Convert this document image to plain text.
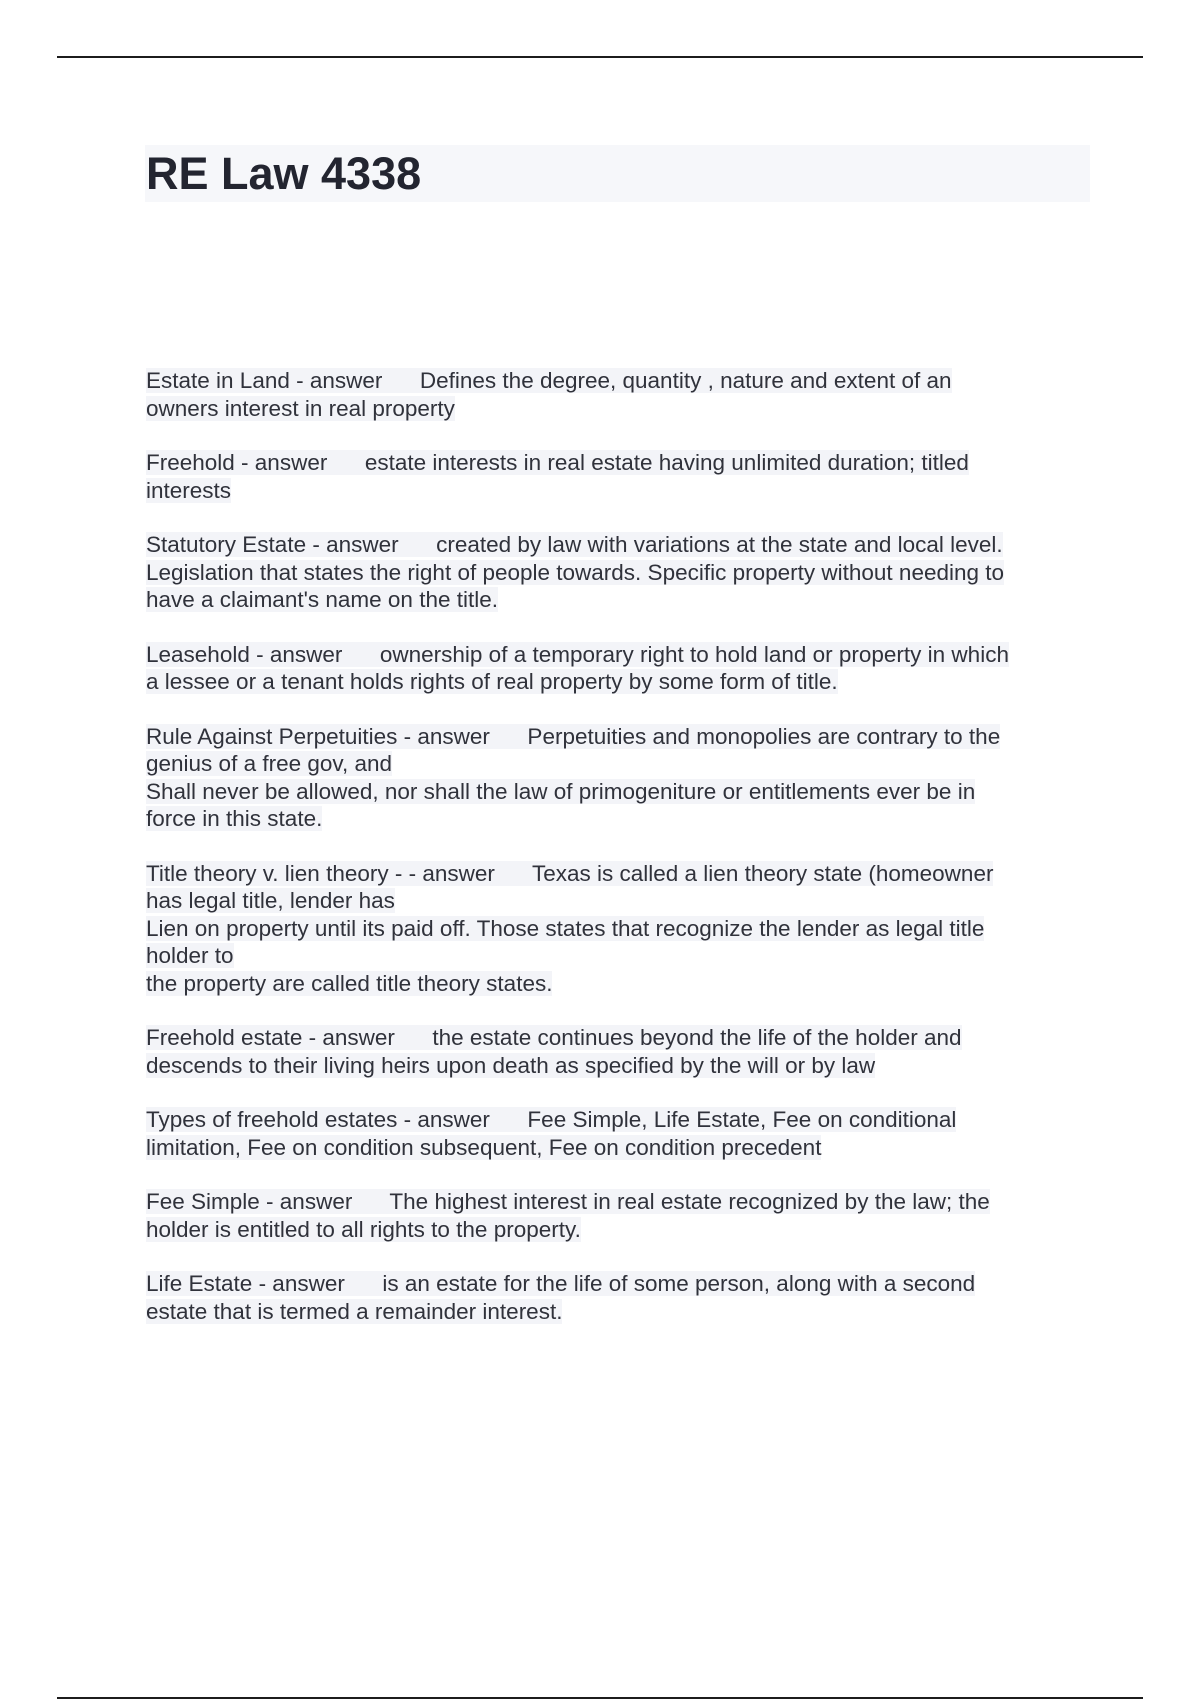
RE Law 4338
Estate in Land - answer      Defines the degree, quantity , nature and extent of an
owners interest in real property
Freehold - answer      estate interests in real estate having unlimited duration; titled
interests
Statutory Estate - answer      created by law with variations at the state and local level.
Legislation that states the right of people towards. Specific property without needing to
have a claimant's name on the title.
Leasehold - answer      ownership of a temporary right to hold land or property in which
a lessee or a tenant holds rights of real property by some form of title.
Rule Against Perpetuities - answer      Perpetuities and monopolies are contrary to the
genius of a free gov, and
Shall never be allowed, nor shall the law of primogeniture or entitlements ever be in
force in this state.
Title theory v. lien theory - - answer      Texas is called a lien theory state (homeowner
has legal title, lender has
Lien on property until its paid off. Those states that recognize the lender as legal title
holder to
the property are called title theory states.
Freehold estate - answer      the estate continues beyond the life of the holder and
descends to their living heirs upon death as specified by the will or by law
Types of freehold estates - answer      Fee Simple, Life Estate, Fee on conditional
limitation, Fee on condition subsequent, Fee on condition precedent
Fee Simple - answer      The highest interest in real estate recognized by the law; the
holder is entitled to all rights to the property.
Life Estate - answer      is an estate for the life of some person, along with a second
estate that is termed a remainder interest.
